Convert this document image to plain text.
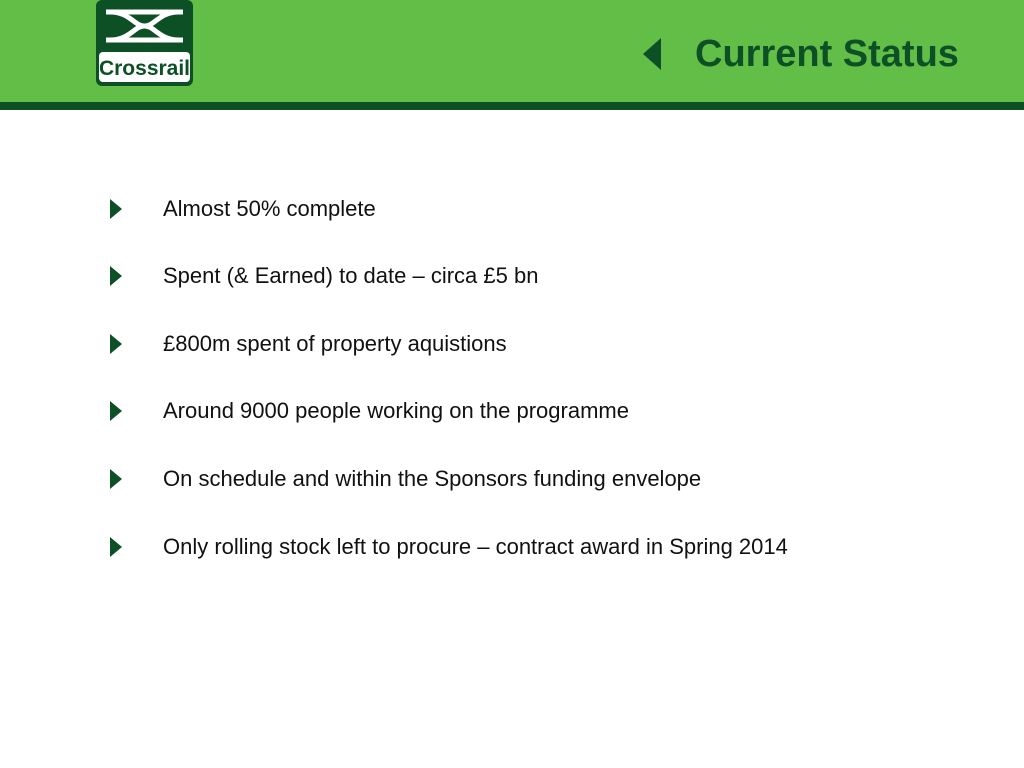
Crossrail	Current Status
Almost 50% complete
Spent (& Earned) to date – circa £5 bn
£800m spent of property aquistions
Around 9000 people working on the programme
On schedule and within the Sponsors funding envelope
Only rolling stock left to procure – contract award in Spring 2014
